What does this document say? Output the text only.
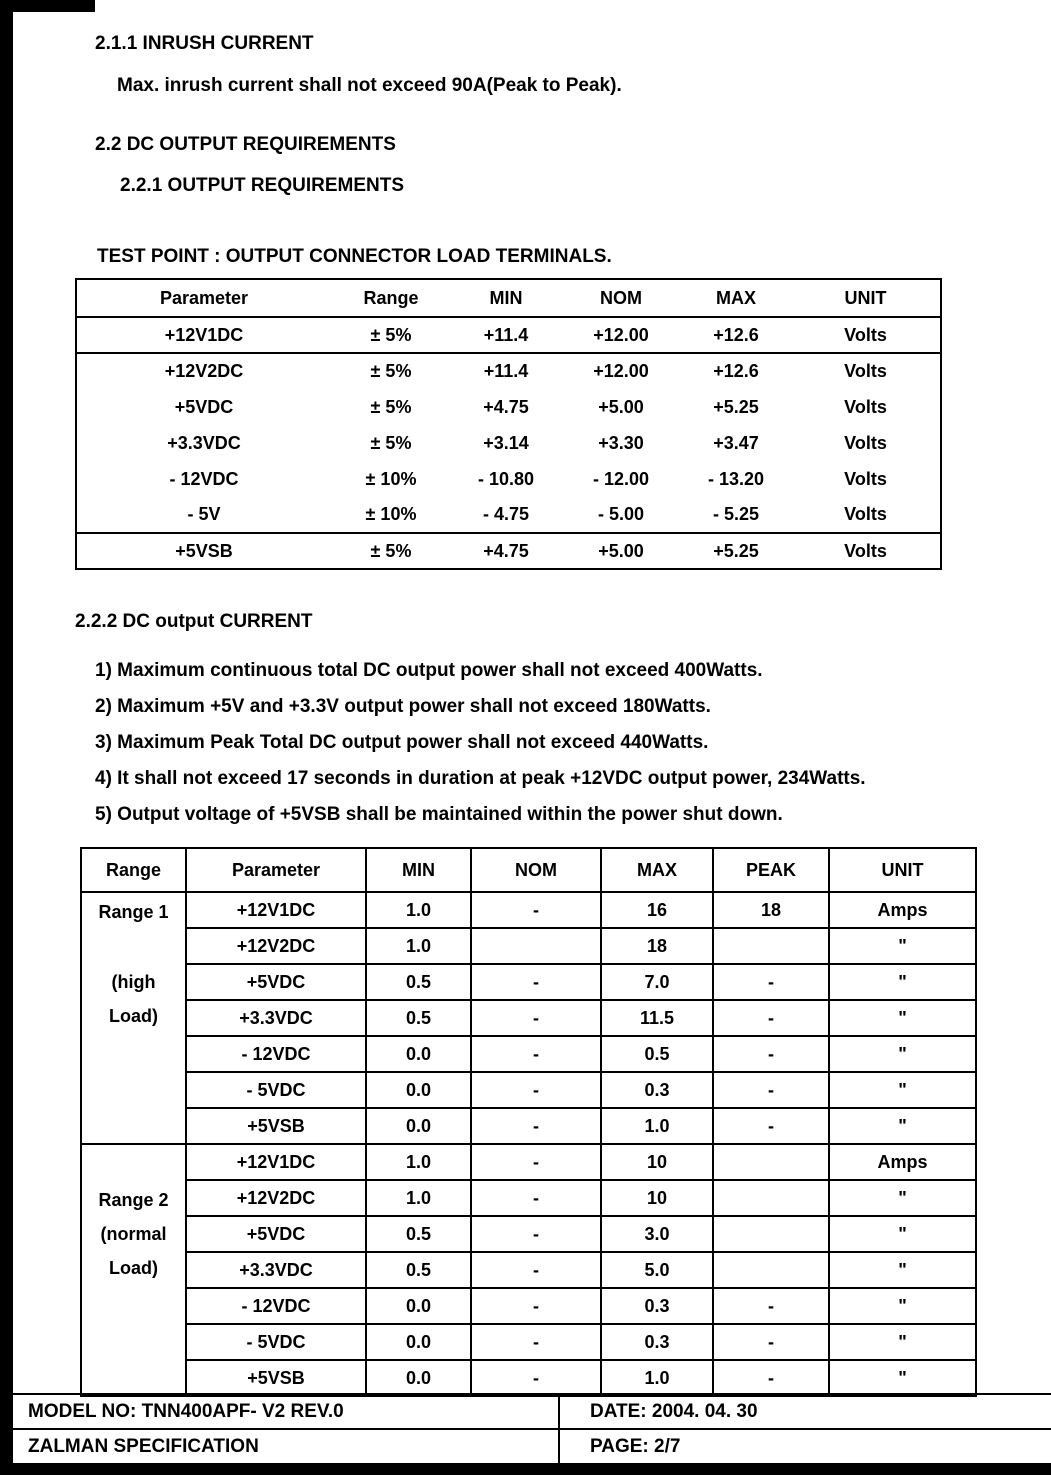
2.1.1 INRUSH CURRENT
Max. inrush current shall not exceed 90A(Peak to Peak).
2.2 DC OUTPUT REQUIREMENTS
2.2.1 OUTPUT REQUIREMENTS
TEST POINT : OUTPUT CONNECTOR LOAD TERMINALS.
Parameter	Range	MIN	NOM	MAX	UNIT
+12V1DC	± 5%	+11.4	+12.00	+12.6	Volts
+12V2DC	± 5%	+11.4	+12.00	+12.6	Volts
+5VDC	± 5%	+4.75	+5.00	+5.25	Volts
+3.3VDC	± 5%	+3.14	+3.30	+3.47	Volts
- 12VDC	± 10%	- 10.80	- 12.00	- 13.20	Volts
- 5V	± 10%	- 4.75	- 5.00	- 5.25	Volts
+5VSB	± 5%	+4.75	+5.00	+5.25	Volts
2.2.2 DC output CURRENT
1) Maximum continuous total DC output power shall not exceed 400Watts.
2) Maximum +5V and +3.3V output power shall not exceed 180Watts.
3) Maximum Peak Total DC output power shall not exceed 440Watts.
4) It shall not exceed 17 seconds in duration at peak +12VDC output power, 234Watts.
5) Output voltage of +5VSB shall be maintained within the power shut down.
Range	Parameter	MIN	NOM	MAX	PEAK	UNIT

Range 1
(high
Load)	+12V1DC	1.0	-	16	18	Amps
	+12V2DC	1.0		18		"
	+5VDC	0.5	-	7.0	-	"
	+3.3VDC	0.5	-	11.5	-	"
	- 12VDC	0.0	-	0.5	-	"
	- 5VDC	0.0	-	0.3	-	"
	+5VSB	0.0	-	1.0	-	"

Range 2
(normal
Load)	+12V1DC	1.0	-	10		Amps
	+12V2DC	1.0	-	10		"
	+5VDC	0.5	-	3.0		"
	+3.3VDC	0.5	-	5.0		"
	- 12VDC	0.0	-	0.3	-	"
	- 5VDC	0.0	-	0.3	-	"
	+5VSB	0.0	-	1.0	-	"
MODEL NO: TNN400APF- V2 REV.0	DATE: 2004. 04. 30
ZALMAN SPECIFICATION	PAGE: 2/7
